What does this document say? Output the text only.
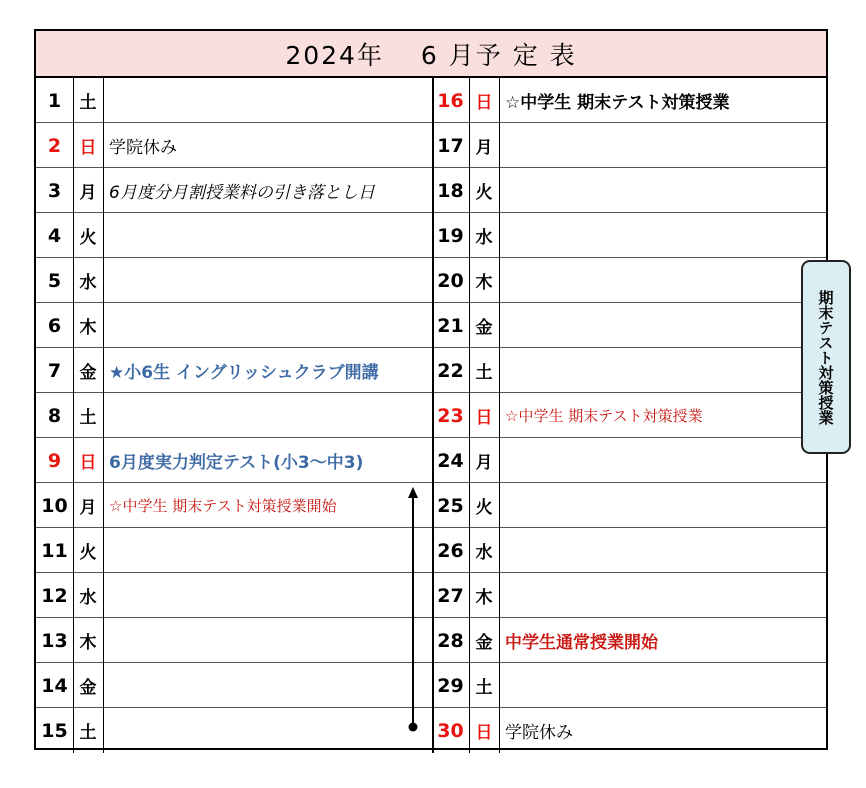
2024年　 6 月予 定 表
1	土
2	日 学院休み
3	月 6月度分月割授業料の引き落とし日
4	火
5	水
6	木
7	金 ★小6生 イングリッシュクラブ開講
8	土
9	日 6月度実力判定テスト(小3～中3)
10 月 ☆中学生 期末テスト対策授業開始
11 火
12 水
13 木
14 金
15 土
16 日 ☆中学生 期末テスト対策授業
17 月
18 火
19 水
20 木
21 金
22 土
23 日 ☆中学生 期末テスト対策授業
24 月
25 火
26 水
27 木
28 金 中学生通常授業開始
29 土
30 日 学院休み
期末テスト対策授業
